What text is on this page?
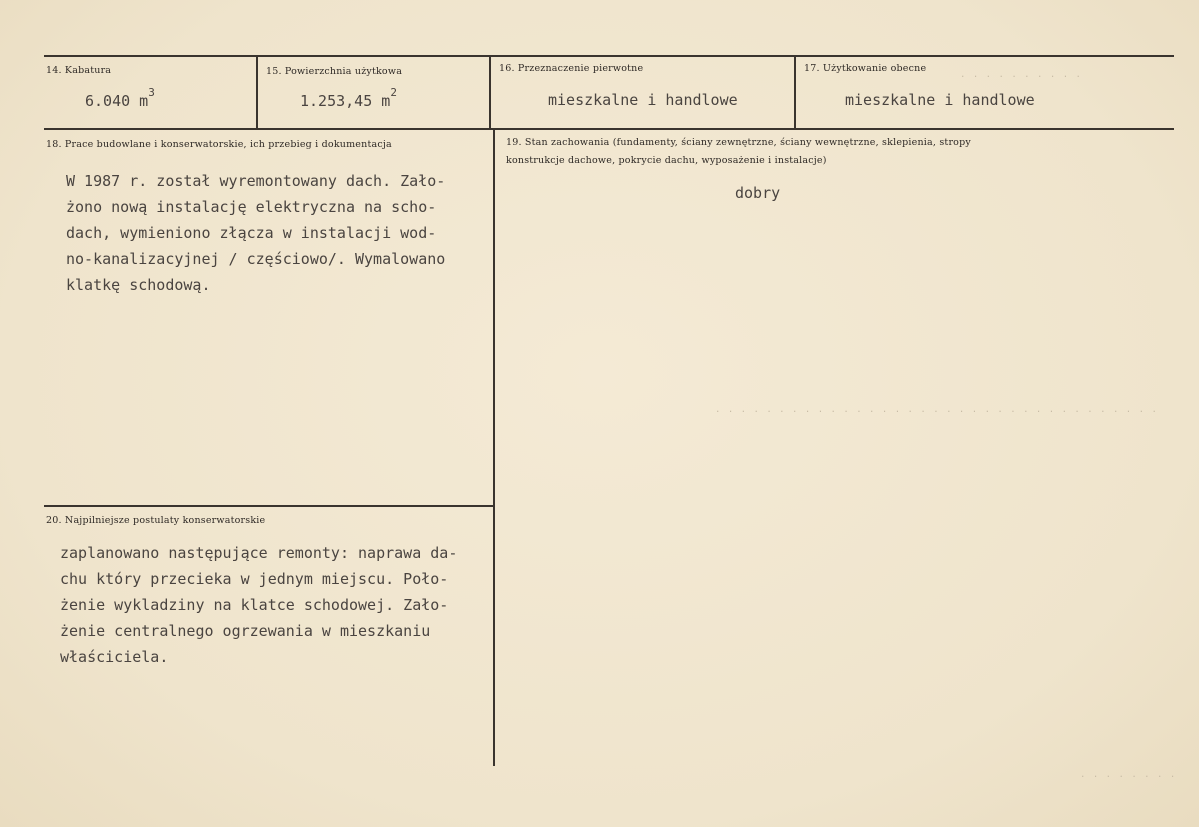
14. Kabatura
6.040 $m^3$
15. Powierzchnia użytkowa
1.253,45 $m^2$
16. Przeznaczenie pierwotne
mieszkalne i handlowe
17. Użytkowanie obecne
mieszkalne i handlowe
18. Prace budowlane i konserwatorskie, ich przebieg i dokumentacja
W 1987 r. został wyremontowany dach. Zało-
żono nową instalację elektryczna na scho-
dach, wymieniono złącza w instalacji wod-
no-kanalizacyjnej / częściowo/. Wymalowano
klatkę schodową.
19. Stan zachowania (fundamenty, ściany zewnętrzne, ściany wewnętrzne, sklepienia, stropy
konstrukcje dachowe, pokrycie dachu, wyposażenie i instalacje)
dobry
20. Najpilniejsze postulaty konserwatorskie
zaplanowano następujące remonty: naprawa da-
chu który przecieka w jednym miejscu. Poło-
żenie wykladziny na klatce schodowej. Zało-
żenie centralnego ogrzewania w mieszkaniu
właściciela.
. . . . . . . . . .
. . . . . . . . . . . . . . . . . . . . . . . . . . . . . . . . . . .
. . . . . . . .
